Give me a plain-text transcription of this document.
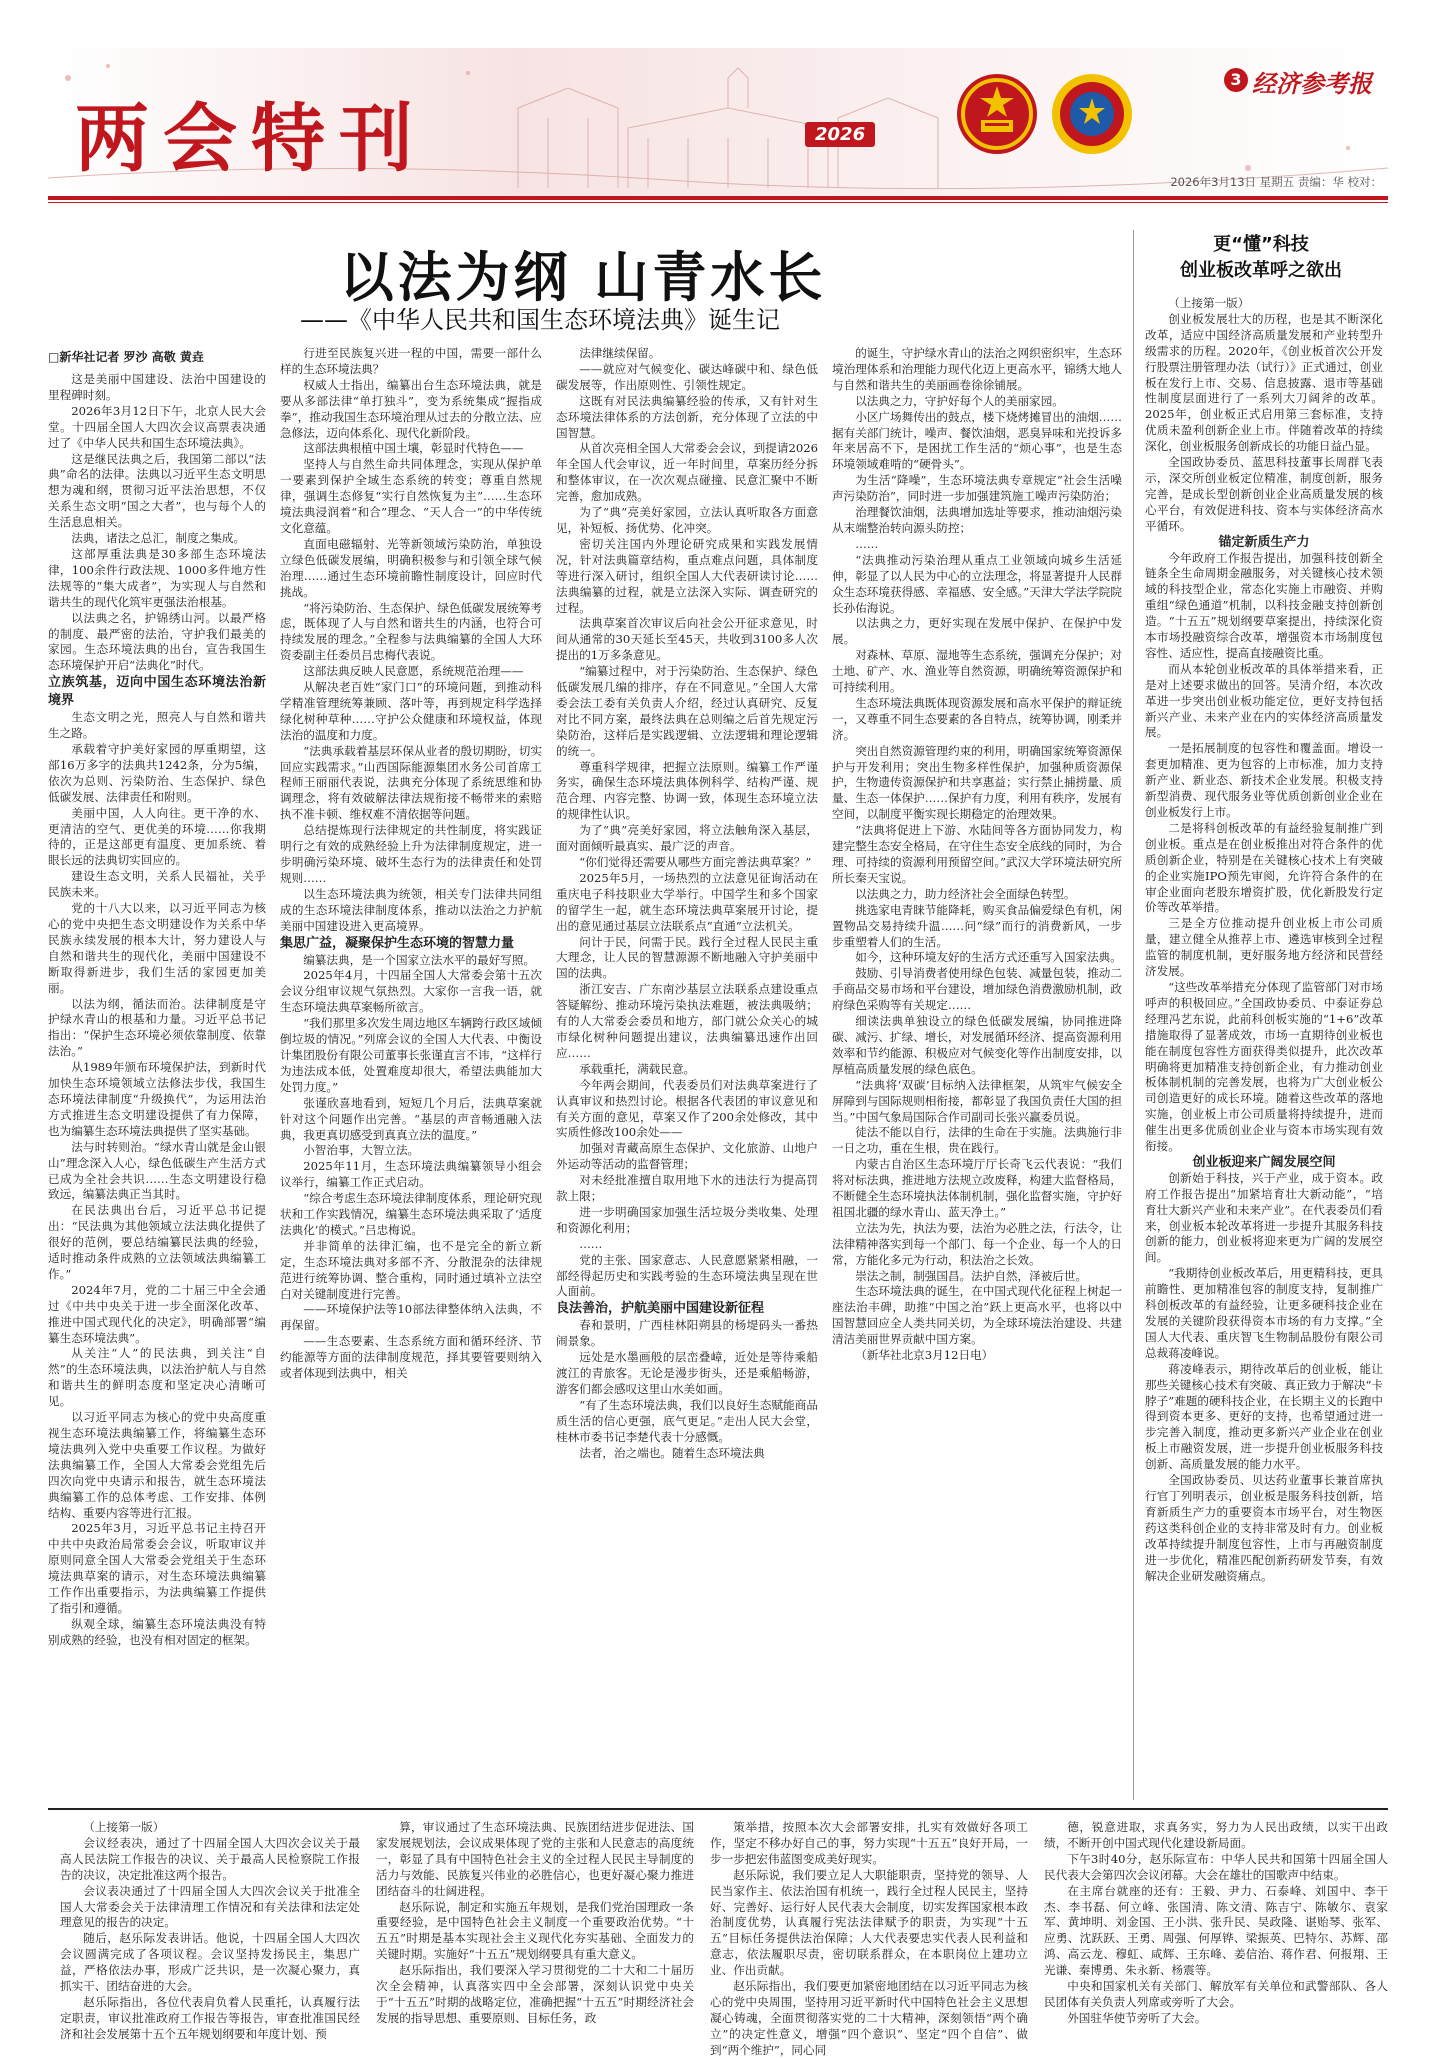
两会特刊	2026
3 经济参考报
2026年3月13日 星期五 责编：华 校对：
以法为纲 山青水长
——《中华人民共和国生态环境法典》诞生记
□新华社记者 罗沙 高敬 黄垚

这是美丽中国建设、法治中国建设的里程碑时刻。

2026年3月12日下午，北京人民大会堂。十四届全国人大四次会议高票表决通过了《中华人民共和国生态环境法典》。

这是继民法典之后，我国第二部以“法典”命名的法律。法典以习近平生态文明思想为魂和纲，贯彻习近平法治思想，不仅关系生态文明“国之大者”，也与每个人的生活息息相关。

法典，诸法之总汇，制度之集成。

这部厚重法典是30多部生态环境法律，100余件行政法规、1000多件地方性法规等的“集大成者”，为实现人与自然和谐共生的现代化筑牢更强法治根基。

以法典之名，护锦绣山河。以最严格的制度、最严密的法治，守护我们最美的家园。生态环境法典的出台，宣告我国生态环境保护开启“法典化”时代。

立族筑基，迈向中国生态环境法治新境界

生态文明之光，照亮人与自然和谐共生之路。

承载着守护美好家园的厚重期望，这部16万多字的法典共1242条，分为5编，依次为总则、污染防治、生态保护、绿色低碳发展、法律责任和附则。

美丽中国，人人向往。更干净的水、更清洁的空气、更优美的环境……你我期待的，正是这部更有温度、更加系统、着眼长远的法典切实回应的。

建设生态文明，关系人民福祉，关乎民族未来。

党的十八大以来，以习近平同志为核心的党中央把生态文明建设作为关系中华民族永续发展的根本大计，努力建设人与自然和谐共生的现代化，美丽中国建设不断取得新进步，我们生活的家园更加美丽。

以法为纲，循法而治。法律制度是守护绿水青山的根基和力量。习近平总书记指出：“保护生态环境必须依靠制度、依靠法治。”

从1989年颁布环境保护法，到新时代加快生态环境领域立法修法步伐，我国生态环境法律制度“升级换代”，为运用法治方式推进生态文明建设提供了有力保障，也为编纂生态环境法典提供了坚实基础。

法与时转则治。“绿水青山就是金山银山”理念深入人心，绿色低碳生产生活方式已成为全社会共识……生态文明建设行稳致远，编纂法典正当其时。

在民法典出台后，习近平总书记提出：“民法典为其他领域立法法典化提供了很好的范例，要总结编纂民法典的经验，适时推动条件成熟的立法领域法典编纂工作。”

2024年7月，党的二十届三中全会通过《中共中央关于进一步全面深化改革、推进中国式现代化的决定》，明确部署“编纂生态环境法典”。

从关注“人”的民法典，到关注“自然”的生态环境法典，以法治护航人与自然和谐共生的鲜明态度和坚定决心清晰可见。

以习近平同志为核心的党中央高度重视生态环境法典编纂工作，将编纂生态环境法典列入党中央重要工作议程。为做好法典编纂工作，全国人大常委会党组先后四次向党中央请示和报告，就生态环境法典编纂工作的总体考虑、工作安排、体例结构、重要内容等进行汇报。

2025年3月，习近平总书记主持召开中共中央政治局常委会会议，听取审议并原则同意全国人大常委会党组关于生态环境法典草案的请示，对生态环境法典编纂工作作出重要指示，为法典编纂工作提供了指引和遵循。

纵观全球，编纂生态环境法典没有特别成熟的经验，也没有相对固定的框架。

行进至民族复兴进一程的中国，需要一部什么样的生态环境法典？

权威人士指出，编纂出台生态环境法典，就是要从多部法律“单打独斗”，变为系统集成“握指成拳”，推动我国生态环境治理从过去的分散立法、应急修法，迈向体系化、现代化新阶段。

这部法典根植中国土壤，彰显时代特色——

坚持人与自然生命共同体理念，实现从保护单一要素到保护全域生态系统的转变；尊重自然规律，强调生态修复“实行自然恢复为主”……生态环境法典浸润着“和合”理念、“天人合一”的中华传统文化意蕴。

直面电磁辐射、光等新领域污染防治，单独设立绿色低碳发展编，明确积极参与和引领全球气候治理……通过生态环境前瞻性制度设计，回应时代挑战。

“将污染防治、生态保护、绿色低碳发展统筹考虑，既体现了人与自然和谐共生的内涵，也符合可持续发展的理念。”全程参与法典编纂的全国人大环资委副主任委员吕忠梅代表说。

这部法典反映人民意愿，系统规范治理——

从解决老百姓“家门口”的环境问题，到推动科学精准管理统筹兼顾、落叶等，再到规定科学选择绿化树种草种……守护公众健康和环境权益，体现法治的温度和力度。

“法典承载着基层环保从业者的殷切期盼，切实回应实践需求。”山西国际能源集团水务公司首席工程师王丽丽代表说，法典充分体现了系统思维和协调理念，将有效破解法律法规衔接不畅带来的索赔执不准卡顿、维权难不清依据等问题。

总结提炼现行法律规定的共性制度，将实践证明行之有效的成熟经验上升为法律制度规定，进一步明确污染环境、破坏生态行为的法律责任和处罚规则……

以生态环境法典为统领，相关专门法律共同组成的生态环境法律制度体系，推动以法治之力护航美丽中国建设进入更高境界。

集思广益，凝聚保护生态环境的智慧力量

编纂法典，是一个国家立法水平的最好写照。

2025年4月，十四届全国人大常委会第十五次会议分组审议规气氛热烈。大家你一言我一语，就生态环境法典草案畅所欲言。

“我们那里多次发生周边地区车辆跨行政区域倾倒垃圾的情况。”列席会议的全国人大代表、中衡设计集团股份有限公司董事长张谨直言不讳，“这样行为违法成本低，处置难度却很大，希望法典能加大处罚力度。”

张谨欣喜地看到，短短几个月后，法典草案就针对这个问题作出完善。“基层的声音畅通融入法典，我更真切感受到真真立法的温度。”

小智治事，大智立法。

2025年11月，生态环境法典编纂领导小组会议举行，编纂工作正式启动。

“综合考虑生态环境法律制度体系，理论研究现状和工作实践情况，编纂生态环境法典采取了‘适度法典化’的模式。”吕忠梅说。

并非简单的法律汇编，也不是完全的新立新定，生态环境法典对多部不齐、分散混杂的法律规范进行统筹协调、整合重构，同时通过填补立法空白对关键制度进行完善。

——环境保护法等10部法律整体纳入法典，不再保留。

——生态要素、生态系统方面和循环经济、节约能源等方面的法律制度规范，择其要管要则纳入或者体现到法典中，相关

法律继续保留。

——就应对气候变化、碳达峰碳中和、绿色低碳发展等，作出原则性、引领性规定。

这既有对民法典编纂经验的传承，又有针对生态环境法律体系的方法创新，充分体现了立法的中国智慧。

从首次亮相全国人大常委会会议，到提请2026年全国人代会审议，近一年时间里，草案历经分拆和整体审议，在一次次观点碰撞、民意汇聚中不断完善，愈加成熟。

为了“典”亮美好家园，立法认真听取各方面意见，补短板、扬优势、化冲突。

密切关注国内外理论研究成果和实践发展情况，针对法典篇章结构，重点难点问题，具体制度等进行深入研讨，组织全国人大代表研读讨论……法典编纂的过程，就是立法深入实际、调查研究的过程。

法典草案首次审议后向社会公开征求意见，时间从通常的30天延长至45天，共收到3100多人次提出的1万多条意见。

“编纂过程中，对于污染防治、生态保护、绿色低碳发展几编的排序，存在不同意见。”全国人大常委会法工委有关负责人介绍，经过认真研究、反复对比不同方案，最终法典在总则编之后首先规定污染防治，这样后是实践逻辑、立法逻辑和理论逻辑的统一。

尊重科学规律，把握立法原则。编纂工作严谨务实，确保生态环境法典体例科学、结构严谨、规范合理、内容完整、协调一致，体现生态环境立法的规律性认识。

为了“典”亮美好家园，将立法触角深入基层，面对面倾听最真实、最广泛的声音。

“你们觉得还需要从哪些方面完善法典草案？”

2025年5月，一场热烈的立法意见征询活动在重庆电子科技职业大学举行。中国学生和多个国家的留学生一起，就生态环境法典草案展开讨论，提出的意见通过基层立法联系点“直通”立法机关。

问计于民，问需于民。践行全过程人民民主重大理念，让人民的智慧源源不断地融入守护美丽中国的法典。

浙江安吉、广东南沙基层立法联系点建设重点答疑解纷、推动环境污染执法难题，被法典吸纳；有的人大常委会委员和地方，部门就公众关心的城市绿化树种问题提出建议，法典编纂迅速作出回应……

承载重托，满载民意。

今年两会期间，代表委员们对法典草案进行了认真审议和热烈讨论。根据各代表团的审议意见和有关方面的意见，草案又作了200余处修改，其中实质性修改100余处——

加强对青藏高原生态保护、文化旅游、山地户外运动等活动的监督管理；

对未经批准擅自取用地下水的违法行为提高罚款上限；

进一步明确国家加强生活垃圾分类收集、处理和资源化利用；

……

党的主张、国家意志、人民意愿紧紧相融，一部经得起历史和实践考验的生态环境法典呈现在世人面前。

良法善治，护航美丽中国建设新征程

春和景明，广西桂林阳朔县的杨堤码头一番热闹景象。

远处是水墨画般的层峦叠嶂，近处是等待乘船渡江的青旅客。无论是漫步街头，还是乘船畅游，游客们都会感叹这里山水美如画。

“有了生态环境法典，我们以良好生态赋能商品质生活的信心更强，底气更足。”走出人民大会堂，桂林市委书记李楚代表十分感慨。

法者，治之端也。随着生态环境法典

的诞生，守护绿水青山的法治之网织密织牢，生态环境治理体系和治理能力现代化迈上更高水平，锦绣大地人与自然和谐共生的美丽画卷徐徐铺展。

以法典之力，守护好每个人的美丽家园。

小区广场舞传出的鼓点，楼下烧烤摊冒出的油烟……据有关部门统计，噪声、餐饮油烟，恶臭异味和光投诉多年来居高不下，是困扰工作生活的“烦心事”，也是生态环境领域难啃的“硬骨头”。

为生活“降噪”，生态环境法典专章规定“社会生活噪声污染防治”，同时进一步加强建筑施工噪声污染防治；

治理餐饮油烟，法典增加选址等要求，推动油烟污染从末端整治转向源头防控；

……

“法典推动污染治理从重点工业领域向城乡生活延伸，彰显了以人民为中心的立法理念，将显著提升人民群众生态环境获得感、幸福感、安全感。”天津大学法学院院长孙佑海说。

以法典之力，更好实现在发展中保护、在保护中发展。

对森林、草原、湿地等生态系统，强调充分保护；对土地、矿产、水、渔业等自然资源，明确统筹资源保护和可持续利用。

生态环境法典既体现资源发展和高水平保护的辩证统一，又尊重不同生态要素的各自特点，统筹协调，刚柔并济。

突出自然资源管理约束的利用，明确国家统筹资源保护与开发利用；突出生物多样性保护，加强种质资源保护，生物遗传资源保护和共享惠益；实行禁止捕捞量、质量、生态一体保护……保护有力度，利用有秩序，发展有空间，以制度平衡实现长期稳定的治理效果。

“法典将促进上下游、水陆间等各方面协同发力，构建完整生态安全格局，在守住生态安全底线的同时，为合理、可持续的资源利用预留空间。”武汉大学环境法研究所所长秦天宝说。

以法典之力，助力经济社会全面绿色转型。

挑选家电青睐节能降耗，购买食品偏爱绿色有机，闲置物品交易持续升温……问“绿”而行的消费新风，一步步重塑着人们的生活。

如今，这种环境友好的生活方式还重写入国家法典。

鼓励、引导消费者使用绿色包装、减量包装，推动二手商品交易市场和平台建设，增加绿色消费激励机制，政府绿色采购等有关规定……

细读法典单独设立的绿色低碳发展编，协同推进降碳、减污、扩绿、增长，对发展循环经济、提高资源利用效率和节约能源、积极应对气候变化等作出制度安排，以厚植高质量发展的绿色底色。

“法典将‘双碳’目标纳入法律框架，从筑牢气候安全屏障到与国际规则相衔接，都彰显了我国负责任大国的担当。”中国气象局国际合作司副司长张兴赢委员说。

徒法不能以自行，法律的生命在于实施。法典施行非一日之功，重在生根，贵在践行。

内蒙古自治区生态环境厅厅长奇飞云代表说：“我们将对标法典，推进地方法规立改废释，构建大监督格局，不断健全生态环境执法体制机制，强化监督实施，守护好祖国北疆的绿水青山、蓝天净土。”

立法为先，执法为要，法治为必胜之法，行法令，让法律精神落实到每一个部门、每一个企业、每一个人的日常，方能化多元为行动，积法治之长效。

崇法之制，制强国昌。法护自然，泽被后世。

生态环境法典的诞生，在中国式现代化征程上树起一座法治丰碑，助推“中国之治”跃上更高水平，也将以中国智慧回应全人类共同关切，为全球环境法治建设、共建清洁美丽世界贡献中国方案。

（新华社北京3月12日电）

更“懂”科技
创业板改革呼之欲出

（上接第一版）

创业板发展壮大的历程，也是其不断深化改革，适应中国经济高质量发展和产业转型升级需求的历程。2020年，《创业板首次公开发行股票注册管理办法（试行）》正式通过，创业板在发行上市、交易、信息披露、退市等基础性制度层面进行了一系列大刀阔斧的改革。2025年，创业板正式启用第三套标准，支持优质未盈利创新企业上市。伴随着改革的持续深化，创业板服务创新成长的功能日益凸显。

全国政协委员、蓝思科技董事长周群飞表示，深交所创业板定位精准，制度创新，服务完善，是成长型创新创业企业高质量发展的核心平台，有效促进科技、资本与实体经济高水平循环。

锚定新质生产力

今年政府工作报告提出，加强科技创新全链条全生命周期金融服务，对关键核心技术领域的科技型企业，常态化实施上市融资、并购重组“绿色通道”机制，以科技金融支持创新创造。“十五五”规划纲要草案提出，持续深化资本市场投融资综合改革，增强资本市场制度包容性、适应性，提高直接融资比重。

而从本轮创业板改革的具体举措来看，正是对上述要求做出的回答。吴清介绍，本次改革进一步突出创业板功能定位，更好支持包括新兴产业、未来产业在内的实体经济高质量发展。

一是拓展制度的包容性和覆盖面。增设一套更加精准、更为包容的上市标准，加力支持新产业、新业态、新技术企业发展。积极支持新型消费、现代服务业等优质创新创业企业在创业板发行上市。

二是将科创板改革的有益经验复制推广到创业板。重点是在创业板推出对符合条件的优质创新企业，特别是在关键核心技术上有突破的企业实施IPO预先审阅，允许符合条件的在审企业面向老股东增资扩股，优化新股发行定价等改革举措。

三是全方位推动提升创业板上市公司质量，建立健全从推荐上市、遴选审核到全过程监管的制度机制，更好服务地方经济和民营经济发展。

“这些改革举措充分体现了监管部门对市场呼声的积极回应。”全国政协委员、中泰证券总经理冯艺东说，此前科创板实施的“1+6”改革措施取得了显著成效，市场一直期待创业板也能在制度包容性方面获得类似提升，此次改革明确将更加精准支持创新企业，有力推动创业板体制机制的完善发展，也将为广大创业板公司创造更好的成长环境。随着这些改革的落地实施，创业板上市公司质量将持续提升，进而催生出更多优质创业企业与资本市场实现有效衔接。

创业板迎来广阔发展空间

创新始于科技，兴于产业，成于资本。政府工作报告提出“加紧培育壮大新动能”，“培育壮大新兴产业和未来产业”。在代表委员们看来，创业板本轮改革将进一步提升其服务科技创新的能力，创业板将迎来更为广阔的发展空间。

“我期待创业板改革后，用更精科技，更具前瞻性、更加精准包容的制度支持，复制推广科创板改革的有益经验，让更多硬科技企业在发展的关键阶段获得资本市场的有力支撑。”全国人大代表、重庆智飞生物制品股份有限公司总裁蒋凌峰说。

蒋凌峰表示，期待改革后的创业板，能让那些关键核心技术有突破、真正致力于解决“卡脖子”难题的硬科技企业，在长期主义的长跑中得到资本更多、更好的支持，也希望通过进一步完善入制度，推动更多新兴产业企业在创业板上市融资发展，进一步提升创业板服务科技创新、高质量发展的能力水平。

全国政协委员、贝达药业董事长兼首席执行官丁列明表示，创业板是服务科技创新，培育新质生产力的重要资本市场平台，对生物医药这类科创企业的支持非常及时有力。创业板改革持续提升制度包容性，上市与再融资制度进一步优化，精准匹配创新药研发节奏，有效解决企业研发融资痛点。

（上接第一版）

会议经表决，通过了十四届全国人大四次会议关于最高人民法院工作报告的决议、关于最高人民检察院工作报告的决议，决定批准这两个报告。

会议表决通过了十四届全国人大四次会议关于批准全国人大常委会关于法律清理工作情况和有关法律和法定处理意见的报告的决定。

随后，赵乐际发表讲话。他说，十四届全国人大四次会议圆满完成了各项议程。会议坚持发扬民主，集思广益，严格依法办事，形成广泛共识，是一次凝心聚力，真抓实干、团结奋进的大会。

赵乐际指出，各位代表肩负着人民重托，认真履行法定职责，审议批准政府工作报告等报告，审查批准国民经济和社会发展第十五个五年规划纲要和年度计划、预

算，审议通过了生态环境法典、民族团结进步促进法、国家发展规划法，会议成果体现了党的主张和人民意志的高度统一，彰显了具有中国特色社会主义的全过程人民民主导制度的活力与效能、民族复兴伟业的必胜信心，也更好凝心聚力推进团结奋斗的壮阔进程。

赵乐际说，制定和实施五年规划，是我们党治国理政一条重要经验，是中国特色社会主义制度一个重要政治优势。“十五五”时期是基本实现社会主义现代化夯实基础、全面发力的关键时期。实施好“十五五”规划纲要具有重大意义。

赵乐际指出，我们要深入学习贯彻党的二十大和二十届历次全会精神，认真落实四中全会部署，深刻认识党中央关于“十五五”时期的战略定位，准确把握“十五五”时期经济社会发展的指导思想、重要原则、目标任务，政

策举措，按照本次大会部署安排，扎实有效做好各项工作，坚定不移办好自己的事，努力实现“十五五”良好开局，一步一步把宏伟蓝图变成美好现实。

赵乐际说，我们要立足人大职能职责，坚持党的领导、人民当家作主、依法治国有机统一，践行全过程人民民主，坚持好、完善好、运行好人民代表大会制度，切实发挥国家根本政治制度优势，认真履行宪法法律赋予的职责，为实现“十五五”目标任务提供法治保障；人大代表要忠实代表人民利益和意志，依法履职尽责，密切联系群众，在本职岗位上建功立业、作出贡献。

赵乐际指出，我们要更加紧密地团结在以习近平同志为核心的党中央周围，坚持用习近平新时代中国特色社会主义思想凝心铸魂，全面贯彻落实党的二十大精神，深刻领悟“两个确立”的决定性意义，增强“四个意识”、坚定“四个自信”、做到“两个维护”，同心同

德，锐意进取，求真务实，努力为人民出政绩，以实干出政绩，不断开创中国式现代化建设新局面。

下午3时40分，赵乐际宣布：中华人民共和国第十四届全国人民代表大会第四次会议闭幕。大会在雄壮的国歌声中结束。

在主席台就座的还有：王毅、尹力、石泰峰、刘国中、李干杰、李书磊、何立峰、张国清、陈文清、陈吉宁、陈敏尔、袁家军、黄坤明、刘金国、王小洪、张升民、吴政隆、谌贻琴、张军、应勇、沈跃跃、王勇、周强、何厚铧、梁振英、巴特尔、苏辉、邵鸿、高云龙、穆虹、咸辉、王东峰、姜信治、蒋作君、何报翔、王光谦、秦博勇、朱永新、杨震等。

中央和国家机关有关部门、解放军有关单位和武警部队、各人民团体有关负责人列席或旁听了大会。

外国驻华使节旁听了大会。
